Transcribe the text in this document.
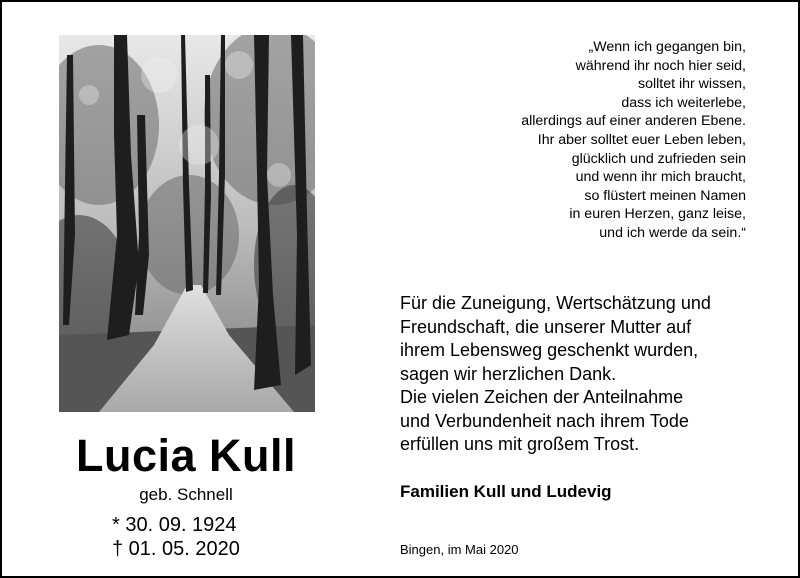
„Wenn ich gegangen bin,
während ihr noch hier seid,
solltet ihr wissen,
dass ich weiterlebe,
allerdings auf einer anderen Ebene.
Ihr aber solltet euer Leben leben,
glücklich und zufrieden sein
und wenn ihr mich braucht,
so flüstert meinen Namen
in euren Herzen, ganz leise,
und ich werde da sein.“
Für die Zuneigung, Wertschätzung und
Freundschaft, die unserer Mutter auf
ihrem Lebensweg geschenkt wurden,
sagen wir herzlichen Dank.
Die vielen Zeichen der Anteilnahme
und Verbundenheit nach ihrem Tode
erfüllen uns mit großem Trost.
Lucia Kull
geb. Schnell
* 30. 09. 1924
† 01. 05. 2020
Familien Kull und Ludevig
Bingen, im Mai 2020
